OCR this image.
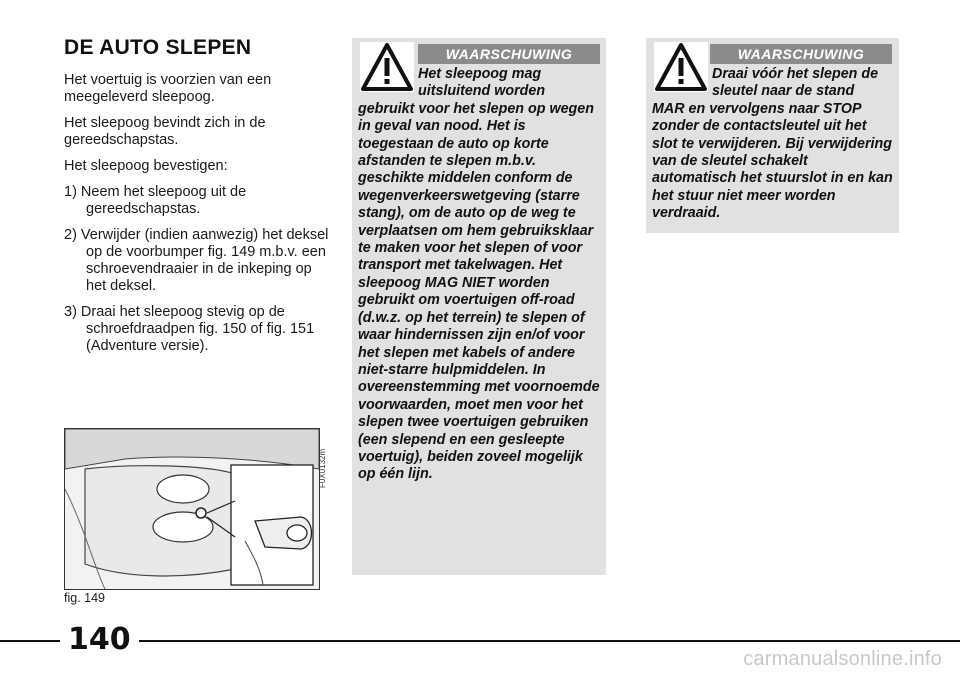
DE AUTO SLEPEN

Het voertuig is voorzien van een meegeleverd sleepoog.

Het sleepoog bevindt zich in de gereedschapstas.

Het sleepoog bevestigen:

1) Neem het sleepoog uit de gereedschapstas.

2) Verwijder (indien aanwezig) het deksel op de voorbumper fig. 149 m.b.v. een schroevendraaier in de inkeping op het deksel.

3) Draai het sleepoog stevig op de schroefdraadpen fig. 150 of fig. 151 (Adventure versie).

F0X0132m
fig. 149
WAARSCHUWING
Het sleepoog mag uitsluitend worden
gebruikt voor het slepen op wegen in geval van nood. Het is toegestaan de auto op korte afstanden te slepen m.b.v. geschikte middelen conform de wegenverkeerswetgeving (starre stang), om de auto op de weg te verplaatsen om hem gebruiksklaar te maken voor het slepen of voor transport met takelwagen. Het sleepoog MAG NIET worden gebruikt om voertuigen off-road (d.w.z. op het terrein) te slepen of waar hindernissen zijn en/of voor het slepen met kabels of andere niet-starre hulpmiddelen. In overeenstemming met voornoemde voorwaarden, moet men voor het slepen twee voertuigen gebruiken (een slepend en een gesleepte voertuig), beiden zoveel mogelijk op één lijn.
WAARSCHUWING
Draai vóór het slepen de sleutel naar de stand
MAR en vervolgens naar STOP zonder de contactsleutel uit het slot te verwijderen. Bij verwijdering van de sleutel schakelt automatisch het stuurslot in en kan het stuur niet meer worden verdraaid.
140
carmanualsonline.info
